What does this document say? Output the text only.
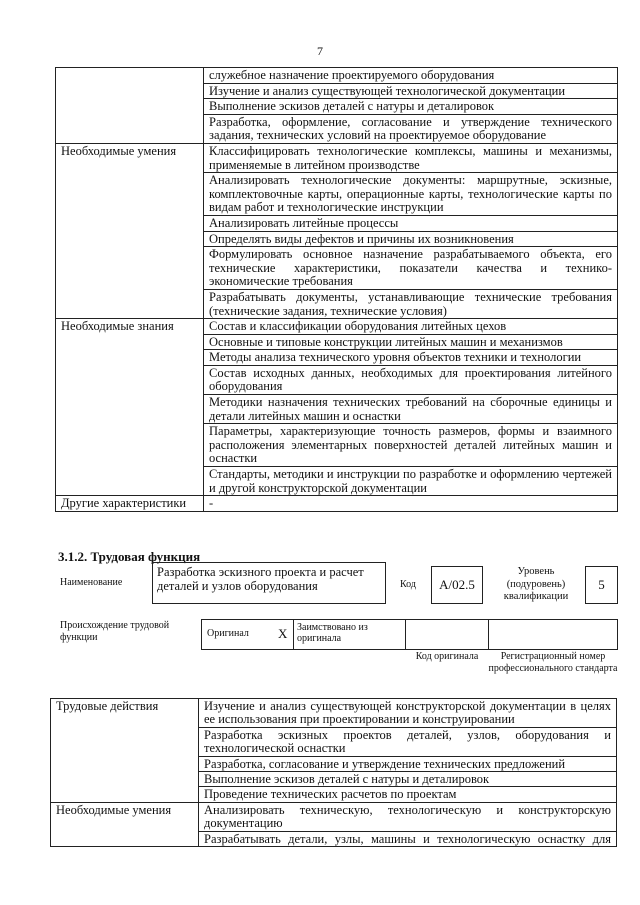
7
	служебное назначение проектируемого оборудования
	Изучение и анализ существующей технологической документации
	Выполнение эскизов деталей с натуры и деталировок
	Разработка, оформление, согласование и утверждение технического задания, технических условий на проектируемое оборудование
Необходимые умения	Классифицировать технологические комплексы, машины и механизмы, применяемые в литейном производстве
	Анализировать технологические документы: маршрутные, эскизные, комплектовочные карты, операционные карты, технологические карты по видам работ и технологические инструкции
	Анализировать литейные процессы
	Определять виды дефектов и причины их возникновения
	Формулировать основное назначение разрабатываемого объекта, его технические характеристики, показатели качества и технико-экономические требования
	Разрабатывать документы, устанавливающие технические требования (технические задания, технические условия)
Необходимые знания	Состав и классификации оборудования литейных цехов
	Основные и типовые конструкции литейных машин и механизмов
	Методы анализа технического уровня объектов техники и технологии
	Состав исходных данных, необходимых для проектирования литейного оборудования
	Методики назначения технических требований на сборочные единицы и детали литейных машин и оснастки
	Параметры, характеризующие точность размеров, формы и взаимного расположения элементарных поверхностей деталей литейных машин и оснастки
	Стандарты, методики и инструкции по разработке и оформлению чертежей и другой конструкторской документации
Другие характеристики	-
3.1.2. Трудовая функция
Наименование
Разработка эскизного проекта и расчет деталей и узлов оборудования	Код A/02.5
Уровень (подуровень) квалификации
5
Происхождение трудовой функции	Оригинал X Заимствовано из оригинала
Код оригинала	Регистрационный номер профессионального стандарта
Трудовые действия	Изучение и анализ существующей конструкторской документации в целях ее использования при проектировании и конструировании
	Разработка эскизных проектов деталей, узлов, оборудования и технологической оснастки
	Разработка, согласование и утверждение технических предложений
	Выполнение эскизов деталей с натуры и деталировок
	Проведение технических расчетов по проектам
Необходимые умения	Анализировать техническую, технологическую и конструкторскую документацию
	Разрабатывать детали, узлы, машины и технологическую оснастку для
